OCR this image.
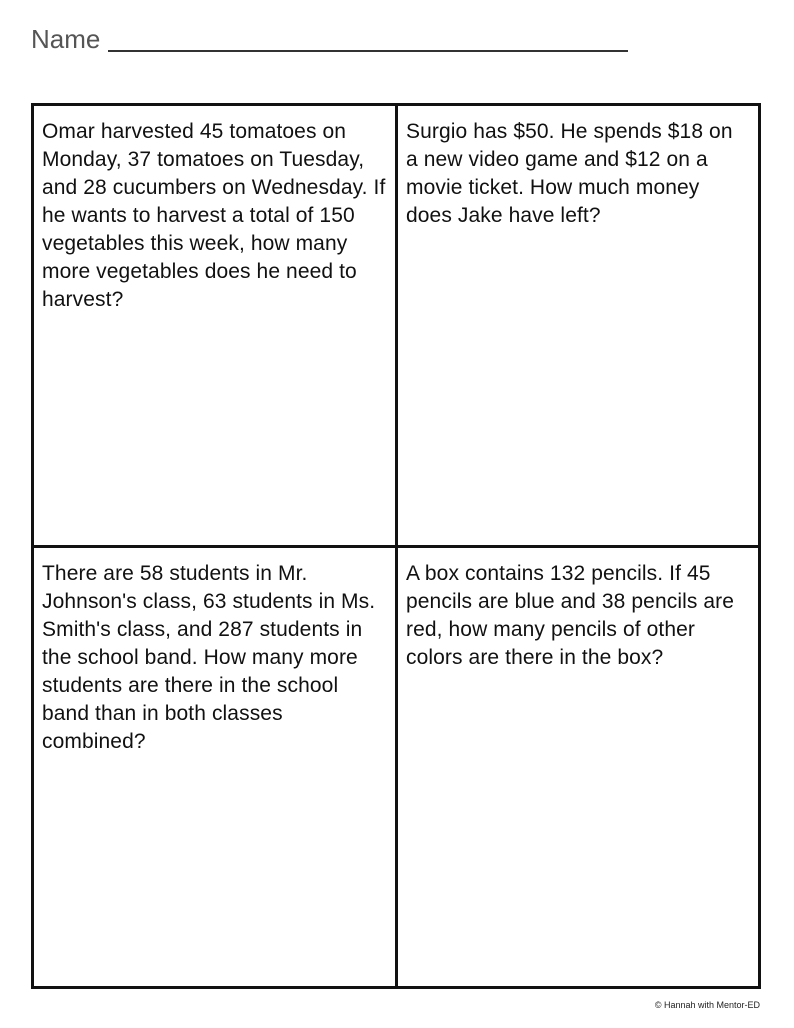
Name
Omar harvested 45 tomatoes on Monday, 37 tomatoes on Tuesday, and 28 cucumbers on Wednesday. If he wants to harvest a total of 150 vegetables this week, how many more vegetables does he need to harvest?
Surgio has $50. He spends $18 on a new video game and $12 on a movie ticket. How much money does Jake have left?
There are 58 students in Mr. Johnson's class, 63 students in Ms. Smith's class, and 287 students in the school band. How many more students are there in the school band than in both classes combined?
A box contains 132 pencils. If 45 pencils are blue and 38 pencils are red, how many pencils of other colors are there in the box?
© Hannah with Mentor-ED
